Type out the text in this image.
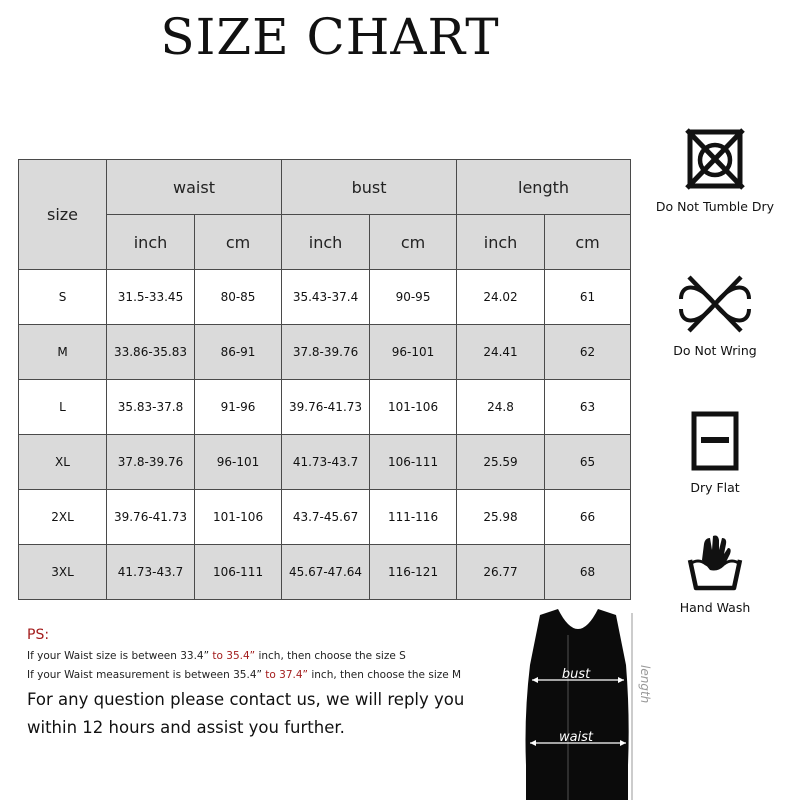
SIZE CHART
size	waist		bust		length	
	inch	cm	inch	cm	inch	cm
S	31.5-33.45	80-85	35.43-37.4	90-95	24.02	61
M	33.86-35.83	86-91	37.8-39.76	96-101	24.41	62
L	35.83-37.8	91-96	39.76-41.73	101-106	24.8	63
XL	37.8-39.76	96-101	41.73-43.7	106-111	25.59	65
2XL	39.76-41.73	101-106	43.7-45.67	111-116	25.98	66
3XL	41.73-43.7	106-111	45.67-47.64	116-121	26.77	68
Do Not Tumble Dry
Do Not Wring
Dry Flat
Hand Wash
PS:
If your Waist size is between 33.4” to 35.4” inch, then choose the size S
If your Waist measurement is between 35.4” to 37.4” inch, then choose the size M
For any question please contact us, we will reply you within 12 hours and assist you further.
bust
waist
length
